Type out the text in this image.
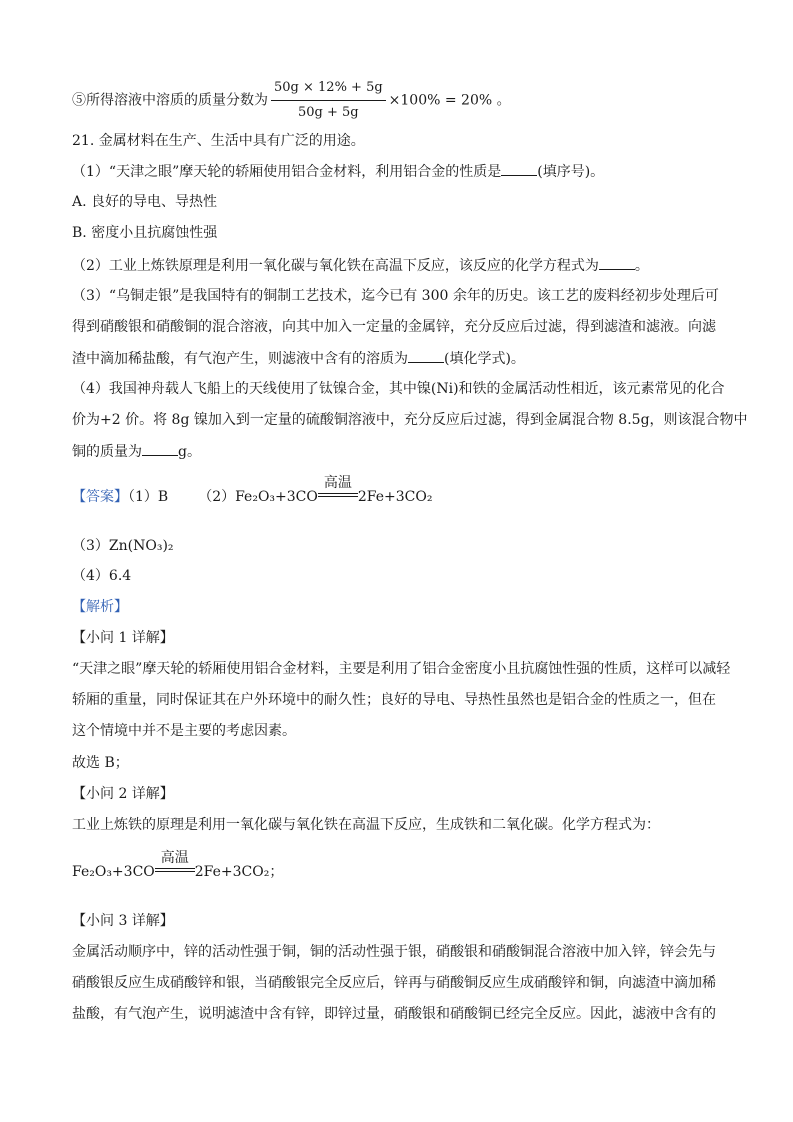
⑤所得溶液中溶质的质量分数为 $\frac{50g \times 12\% + 5g}{50g + 5g} \times 100\% = 20\%$ 。
21. 金属材料在生产、生活中具有广泛的用途。
（1）“天津之眼”摩天轮的轿厢使用铝合金材料，利用铝合金的性质是	(填序号)。
A. 良好的导电、导热性
B. 密度小且抗腐蚀性强
（2）工业上炼铁原理是利用一氧化碳与氧化铁在高温下反应，该反应的化学方程式为	。
（3）“乌铜走银”是我国特有的铜制工艺技术，迄今已有 300 余年的历史。该工艺的废料经初步处理后可
得到硝酸银和硝酸铜的混合溶液，向其中加入一定量的金属锌，充分反应后过滤，得到滤渣和滤液。向滤
渣中滴加稀盐酸，有气泡产生，则滤液中含有的溶质为	(填化学式)。
（4）我国神舟载人飞船上的天线使用了钛镍合金，其中镍(Ni)和铁的金属活动性相近，该元素常见的化合
价为+2 价。将 8g 镍加入到一定量的硫酸铜溶液中，充分反应后过滤，得到金属混合物 8.5g，则该混合物中
铜的质量为	g。
【答案】（1）B （2）Fe₂O₃+3CO
高温
2Fe+3CO₂
（3）Zn(NO₃)₂
（4）6.4
【解析】
【小问 1 详解】
“天津之眼”摩天轮的轿厢使用铝合金材料，主要是利用了铝合金密度小且抗腐蚀性强的性质，这样可以减轻
轿厢的重量，同时保证其在户外环境中的耐久性；良好的导电、导热性虽然也是铝合金的性质之一，但在
这个情境中并不是主要的考虑因素。
故选 B；
【小问 2 详解】
工业上炼铁的原理是利用一氧化碳与氧化铁在高温下反应，生成铁和二氧化碳。化学方程式为：
Fe₂O₃+3CO
高温
2Fe+3CO₂；
【小问 3 详解】
金属活动顺序中，锌的活动性强于铜，铜的活动性强于银，硝酸银和硝酸铜混合溶液中加入锌，锌会先与
硝酸银反应生成硝酸锌和银，当硝酸银完全反应后，锌再与硝酸铜反应生成硝酸锌和铜，向滤渣中滴加稀
盐酸，有气泡产生，说明滤渣中含有锌，即锌过量，硝酸银和硝酸铜已经完全反应。因此，滤液中含有的
